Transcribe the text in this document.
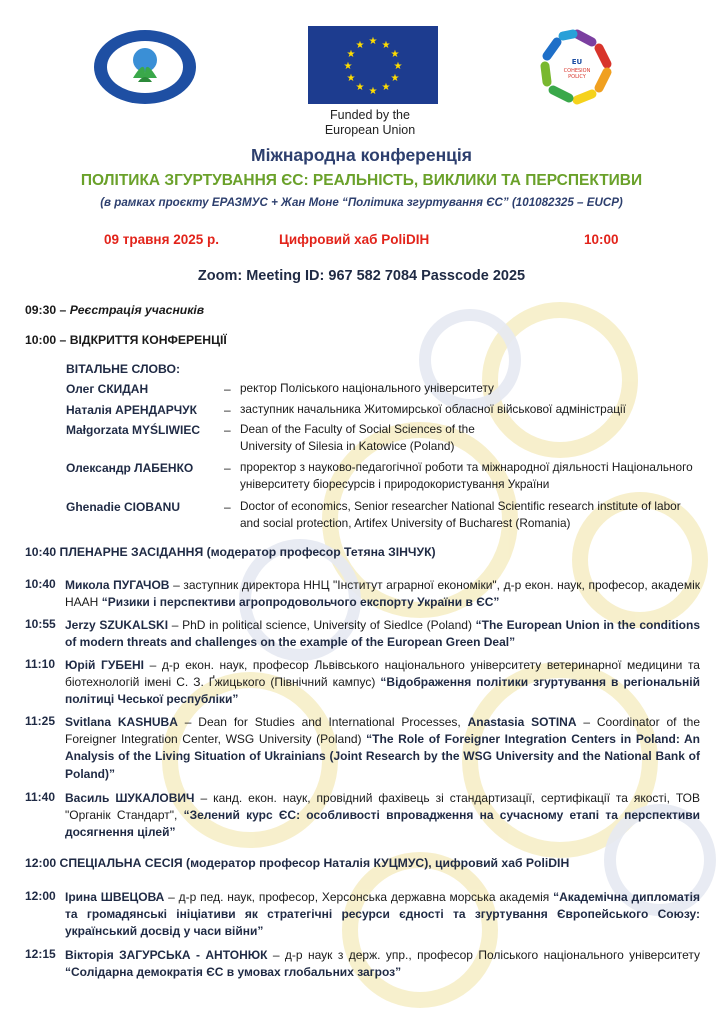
★ ★
★
★
★
★
★
★
★
★
★
★
Funded by the
European Union
EU
COHESION
POLICY
Міжнародна конференція
ПОЛІТИКА ЗГУРТУВАННЯ ЄС: РЕАЛЬНІСТЬ, ВИКЛИКИ ТА ПЕРСПЕКТИВИ
(в рамках проєкту ЕРАЗМУС + Жан Моне “Політика згуртування ЄС” (101082325 – EUCP)
09 травня 2025 р.	Цифровий хаб PoliDIH	10:00
Zoom: Meeting ID: 967 582 7084 Passcode 2025
09:30 – Реєстрація учасників
10:00 – ВІДКРИТТЯ КОНФЕРЕНЦІЇ
ВІТАЛЬНЕ СЛОВО:
Олег СКИДАН	– ректор Поліського національного університету
Наталія АРЕНДАРЧУК – заступник начальника Житомирської обласної військової адміністрації
Małgorzata MYŚLIWIEC – Dean of the Faculty of Social Sciences of the University of Silesia in Katowice (Poland)
Олександр ЛАБЕНКО	– проректор з науково-педагогічної роботи та міжнародної діяльності Національного університету біоресурсів і природокористування України
Ghenadie CIOBANU	– Doctor of economics, Senior researcher National Scientific research institute of labor and social protection, Artifex University of Bucharest (Romania)
10:40 ПЛЕНАРНЕ ЗАСІДАННЯ (модератор професор Тетяна ЗІНЧУК)
10:40 Микола ПУГАЧОВ – заступник директора ННЦ "Інститут аграрної економіки", д-р екон. наук, професор, академік НААН “Ризики і перспективи агропродовольчого експорту України в ЄС”
10:55 Jerzy SZUKALSKI – PhD in political science, University of Siedlce (Poland) “The European Union in the conditions of modern threats and challenges on the example of the European Green Deal”
11:10 Юрій ГУБЕНІ – д-р екон. наук, професор Львівського національного університету ветеринарної медицини та біотехнологій імені С. З. Ґжицького (Північний кампус) “Відображення політики згуртування в регіональній політиці Чеської республіки”
11:25 Svitlana KASHUBA – Dean for Studies and International Processes, Anastasia SOTINA – Coordinator of the Foreigner Integration Center, WSG University (Poland) “The Role of Foreigner Integration Centers in Poland: An Analysis of the Living Situation of Ukrainians (Joint Research by the WSG University and the National Bank of Poland)”
11:40 Василь ШУКАЛОВИЧ – канд. екон. наук, провідний фахівець зі стандартизації, сертифікації та якості, ТОВ "Органік Стандарт", “Зелений курс ЄС: особливості впровадження на сучасному етапі та перспективи досягнення цілей”
12:00 СПЕЦІАЛЬНА СЕСІЯ (модератор професор Наталія КУЦМУС), цифровий хаб PoliDIH
12:00 Ірина ШВЕЦОВА – д-р пед. наук, професор, Херсонська державна морська академія “Академічна дипломатія та громадянські ініціативи як стратегічні ресурси єдності та згуртування Європейського Союзу: український досвід у часи війни”
12:15 Вікторія ЗАГУРСЬКА - АНТОНЮК – д-р наук з держ. упр., професор Поліського національного університету “Солідарна демократія ЄС в умовах глобальних загроз”
